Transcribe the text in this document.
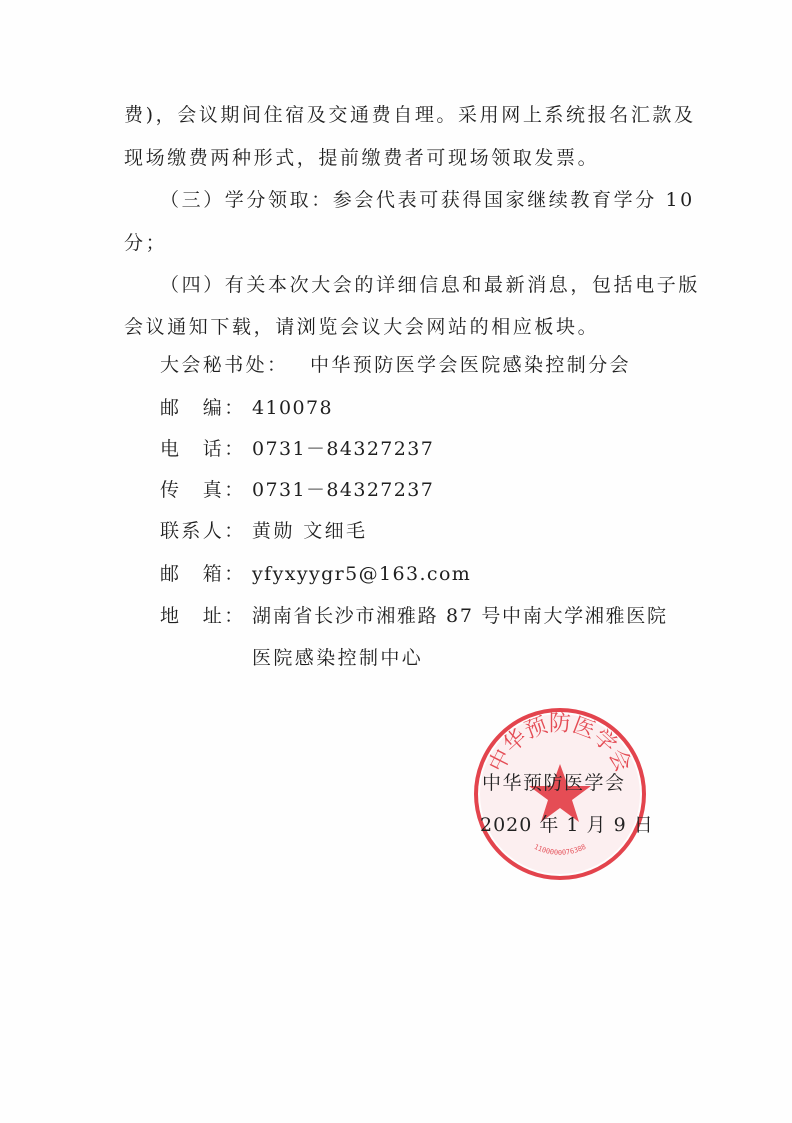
费)，会议期间住宿及交通费自理。采用网上系统报名汇款及
现场缴费两种形式，提前缴费者可现场领取发票。
（三）学分领取：参会代表可获得国家继续教育学分 10
分；
（四）有关本次大会的详细信息和最新消息，包括电子版
会议通知下载，请浏览会议大会网站的相应板块。
大会秘书处： 中华预防医学会医院感染控制分会
邮　编： 410078
电　话： 0731－84327237
传　真： 0731－84327237
联系人： 黄勋 文细毛
邮　箱： yfyxyygr5@163.com
地　址： 湖南省长沙市湘雅路 87 号中南大学湘雅医院
医院感染控制中心
中华预防医学会
1100000076388
中华预防医学会
2020 年 1 月 9 日
